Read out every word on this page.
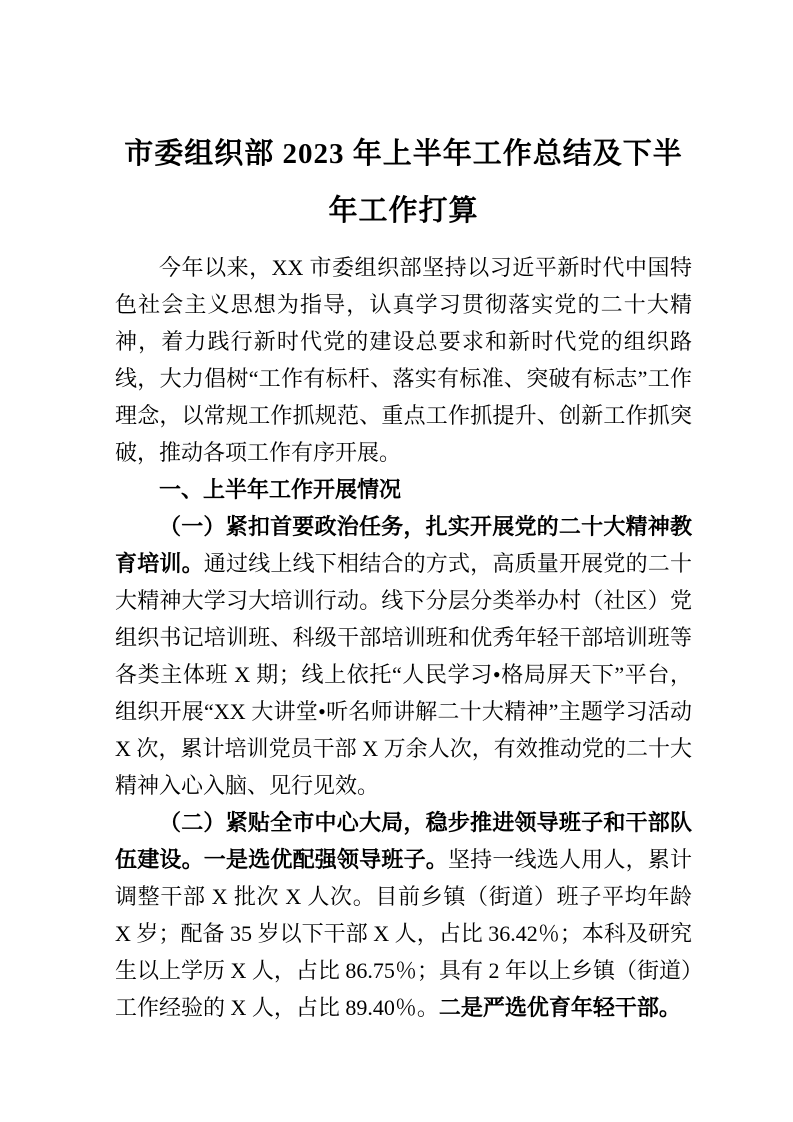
市委组织部 2023 年上半年工作总结及下半年工作打算

今年以来，XX 市委组织部坚持以习近平新时代中国特色社会主义思想为指导，认真学习贯彻落实党的二十大精神，着力践行新时代党的建设总要求和新时代党的组织路线，大力倡树“工作有标杆、落实有标准、突破有标志”工作理念，以常规工作抓规范、重点工作抓提升、创新工作抓突破，推动各项工作有序开展。

一、上半年工作开展情况

（一）紧扣首要政治任务，扎实开展党的二十大精神教育培训。通过线上线下相结合的方式，高质量开展党的二十大精神大学习大培训行动。线下分层分类举办村（社区）党组织书记培训班、科级干部培训班和优秀年轻干部培训班等各类主体班 X 期；线上依托“人民学习•格局屏天下”平台，组织开展“XX 大讲堂•听名师讲解二十大精神”主题学习活动 X 次，累计培训党员干部 X 万余人次，有效推动党的二十大精神入心入脑、见行见效。

（二）紧贴全市中心大局，稳步推进领导班子和干部队伍建设。一是选优配强领导班子。坚持一线选人用人，累计调整干部 X 批次 X 人次。目前乡镇（街道）班子平均年龄 X 岁；配备 35 岁以下干部 X 人，占比 36.42％；本科及研究生以上学历 X 人，占比 86.75％；具有 2 年以上乡镇（街道）工作经验的 X 人，占比 89.40％。二是严选优育年轻干部。
